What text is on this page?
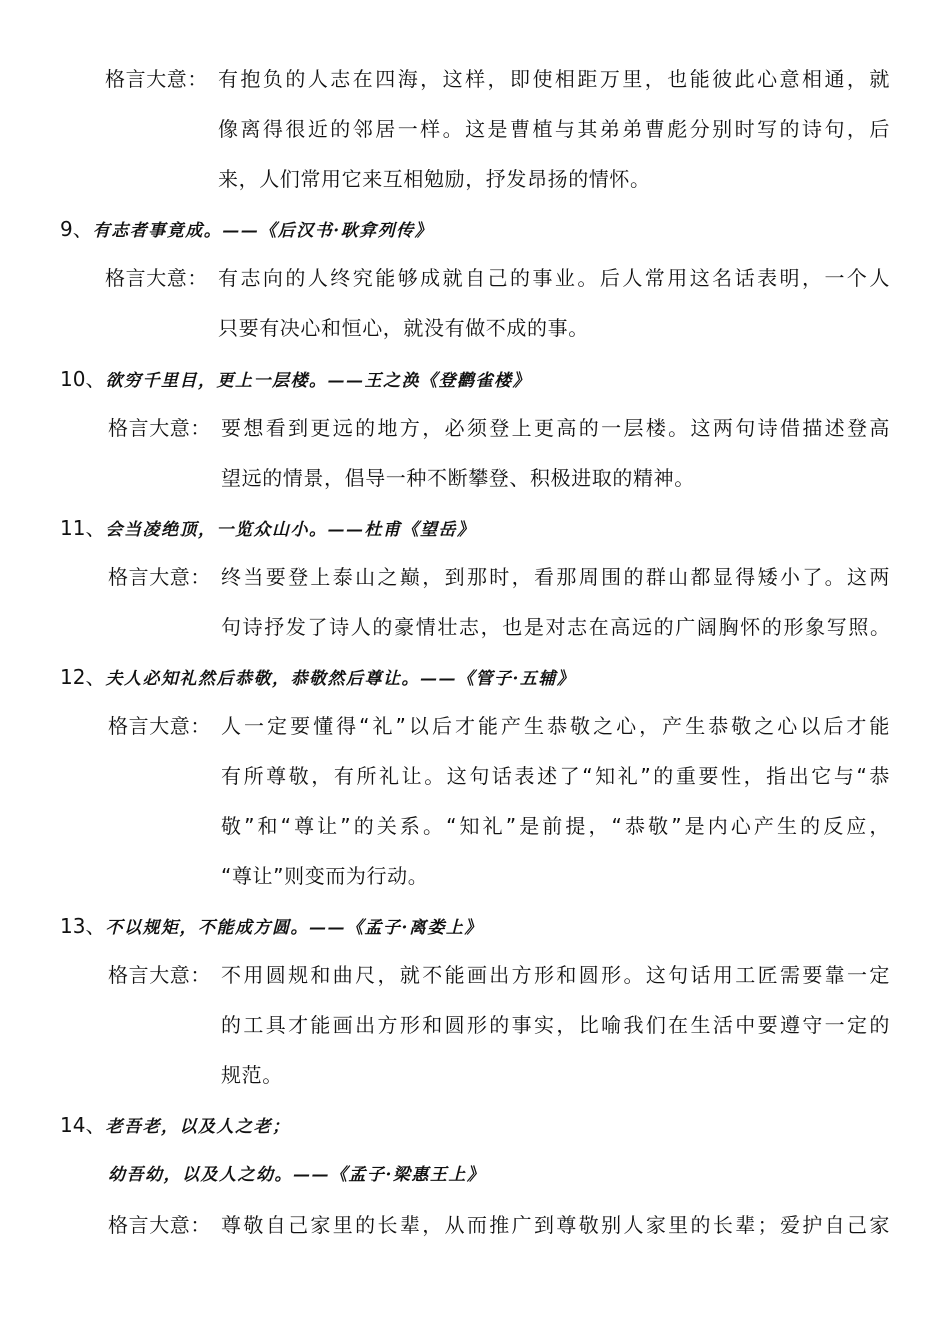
格言大意： 有抱负的人志在四海，这样，即使相距万里，也能彼此心意相通，就
像离得很近的邻居一样。这是曹植与其弟弟曹彪分别时写的诗句，后
来，人们常用它来互相勉励，抒发昂扬的情怀。
9、有志者事竟成。——《后汉书·耿弇列传》
格言大意： 有志向的人终究能够成就自己的事业。后人常用这名话表明，一个人
只要有决心和恒心，就没有做不成的事。
10、欲穷千里目，更上一层楼。——王之涣《登鹳雀楼》
格言大意： 要想看到更远的地方，必须登上更高的一层楼。这两句诗借描述登高
望远的情景，倡导一种不断攀登、积极进取的精神。
11、会当凌绝顶，一览众山小。——杜甫《望岳》
格言大意： 终当要登上泰山之巅，到那时，看那周围的群山都显得矮小了。这两
句诗抒发了诗人的豪情壮志，也是对志在高远的广阔胸怀的形象写照。
12、夫人必知礼然后恭敬，恭敬然后尊让。——《管子·五辅》
格言大意： 人一定要懂得“礼”以后才能产生恭敬之心，产生恭敬之心以后才能
有所尊敬，有所礼让。这句话表述了“知礼”的重要性，指出它与“恭
敬”和“尊让”的关系。“知礼”是前提，“恭敬”是内心产生的反应，
“尊让”则变而为行动。
13、不以规矩，不能成方圆。——《孟子·离娄上》
格言大意： 不用圆规和曲尺，就不能画出方形和圆形。这句话用工匠需要靠一定
的工具才能画出方形和圆形的事实，比喻我们在生活中要遵守一定的
规范。
14、老吾老，以及人之老；
幼吾幼，以及人之幼。——《孟子·梁惠王上》
格言大意： 尊敬自己家里的长辈，从而推广到尊敬别人家里的长辈；爱护自己家
